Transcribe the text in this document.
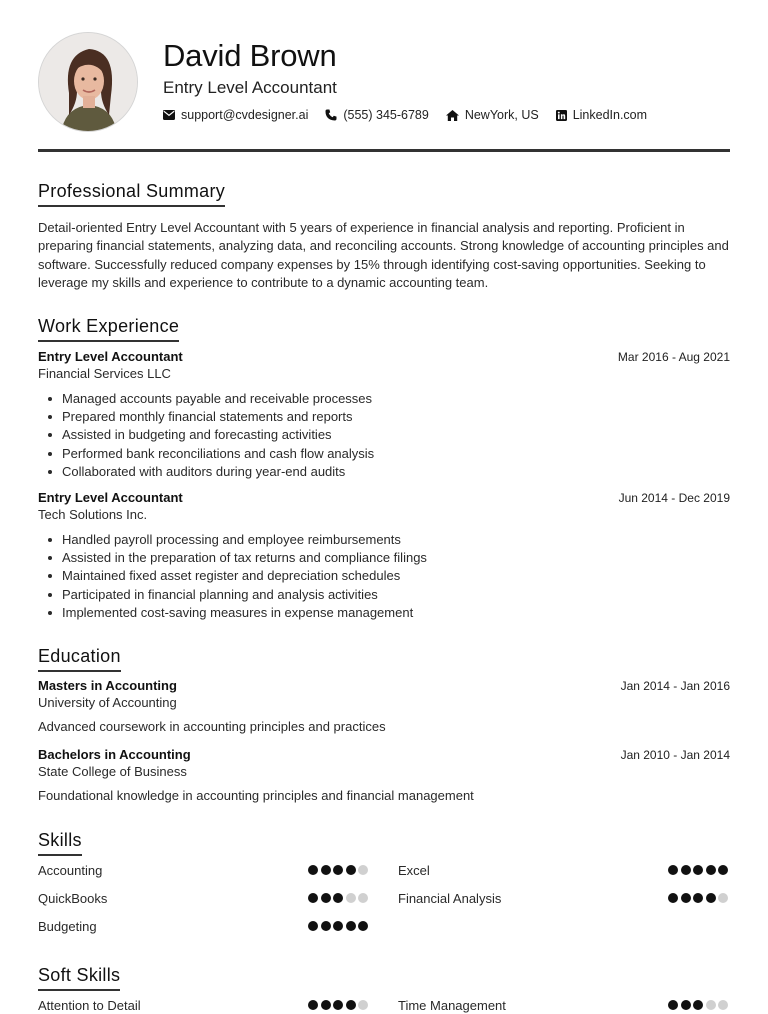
David Brown
Entry Level Accountant
support@cvdesigner.ai	(555) 345-6789	NewYork, US	LinkedIn.com
Professional Summary
Detail-oriented Entry Level Accountant with 5 years of experience in financial analysis and reporting. Proficient in preparing financial statements, analyzing data, and reconciling accounts. Strong knowledge of accounting principles and software. Successfully reduced company expenses by 15% through identifying cost-saving opportunities. Seeking to leverage my skills and experience to contribute to a dynamic accounting team.
Work Experience
Entry Level Accountant	Mar 2016 - Aug 2021
Financial Services LLC
Managed accounts payable and receivable processes
Prepared monthly financial statements and reports
Assisted in budgeting and forecasting activities
Performed bank reconciliations and cash flow analysis
Collaborated with auditors during year-end audits
Entry Level Accountant	Jun 2014 - Dec 2019
Tech Solutions Inc.
Handled payroll processing and employee reimbursements
Assisted in the preparation of tax returns and compliance filings
Maintained fixed asset register and depreciation schedules
Participated in financial planning and analysis activities
Implemented cost-saving measures in expense management
Education
Masters in Accounting	Jan 2014 - Jan 2016
University of Accounting
Advanced coursework in accounting principles and practices
Bachelors in Accounting	Jan 2010 - Jan 2014
State College of Business
Foundational knowledge in accounting principles and financial management
Skills
Accounting	Excel
QuickBooks	Financial Analysis
Budgeting
Soft Skills
Attention to Detail	Time Management
